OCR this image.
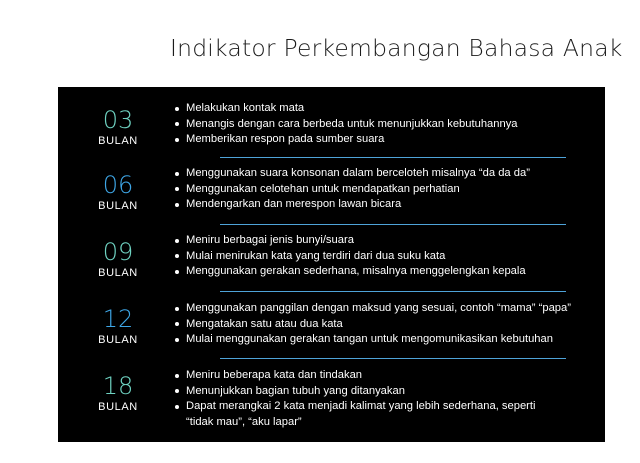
Indikator Perkembangan Bahasa Anak
03
BULAN
Melakukan kontak mata
Menangis dengan cara berbeda untuk menunjukkan kebutuhannya
Memberikan respon pada sumber suara
06
BULAN
Menggunakan suara konsonan dalam berceloteh misalnya “da da da”
Menggunakan celotehan untuk mendapatkan perhatian
Mendengarkan dan merespon lawan bicara
09
BULAN
Meniru berbagai jenis bunyi/suara
Mulai menirukan kata yang terdiri dari dua suku kata
Menggunakan gerakan sederhana, misalnya menggelengkan kepala
12
BULAN
Menggunakan panggilan dengan maksud yang sesuai, contoh “mama” “papa”
Mengatakan satu atau dua kata
Mulai menggunakan gerakan tangan untuk mengomunikasikan kebutuhan
18
BULAN
Meniru beberapa kata dan tindakan
Menunjukkan bagian tubuh yang ditanyakan
Dapat merangkai 2 kata menjadi kalimat yang lebih sederhana, seperti “tidak mau”, “aku lapar”
